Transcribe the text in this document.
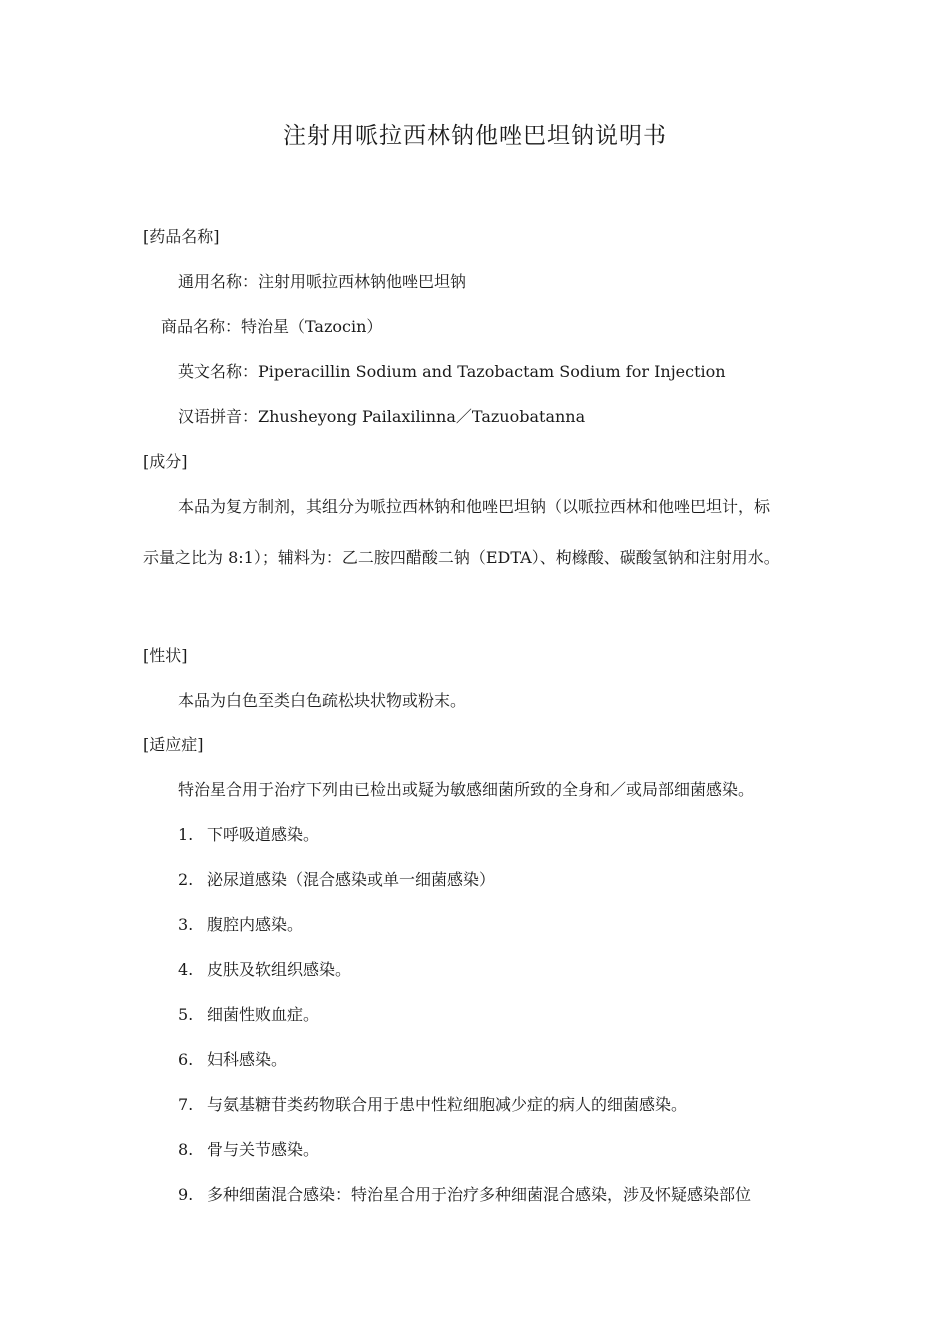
注射用哌拉西林钠他唑巴坦钠说明书
[药品名称]
通用名称：注射用哌拉西林钠他唑巴坦钠
商品名称：特治星（Tazocin）
英文名称：Piperacillin Sodium and Tazobactam Sodium for Injection
汉语拼音：Zhusheyong Pailaxilinna／Tazuobatanna
[成分]
本品为复方制剂，其组分为哌拉西林钠和他唑巴坦钠（以哌拉西林和他唑巴坦计，标
示量之比为 8:1）；辅料为：乙二胺四醋酸二钠（EDTA）、枸橼酸、碳酸氢钠和注射用水。
[性状]
本品为白色至类白色疏松块状物或粉末。
[适应症]
特治星合用于治疗下列由已检出或疑为敏感细菌所致的全身和／或局部细菌感染。
1. 下呼吸道感染。
2. 泌尿道感染（混合感染或单一细菌感染）
3. 腹腔内感染。
4. 皮肤及软组织感染。
5. 细菌性败血症。
6. 妇科感染。
7. 与氨基糖苷类药物联合用于患中性粒细胞减少症的病人的细菌感染。
8. 骨与关节感染。
9. 多种细菌混合感染：特治星合用于治疗多种细菌混合感染，涉及怀疑感染部位
